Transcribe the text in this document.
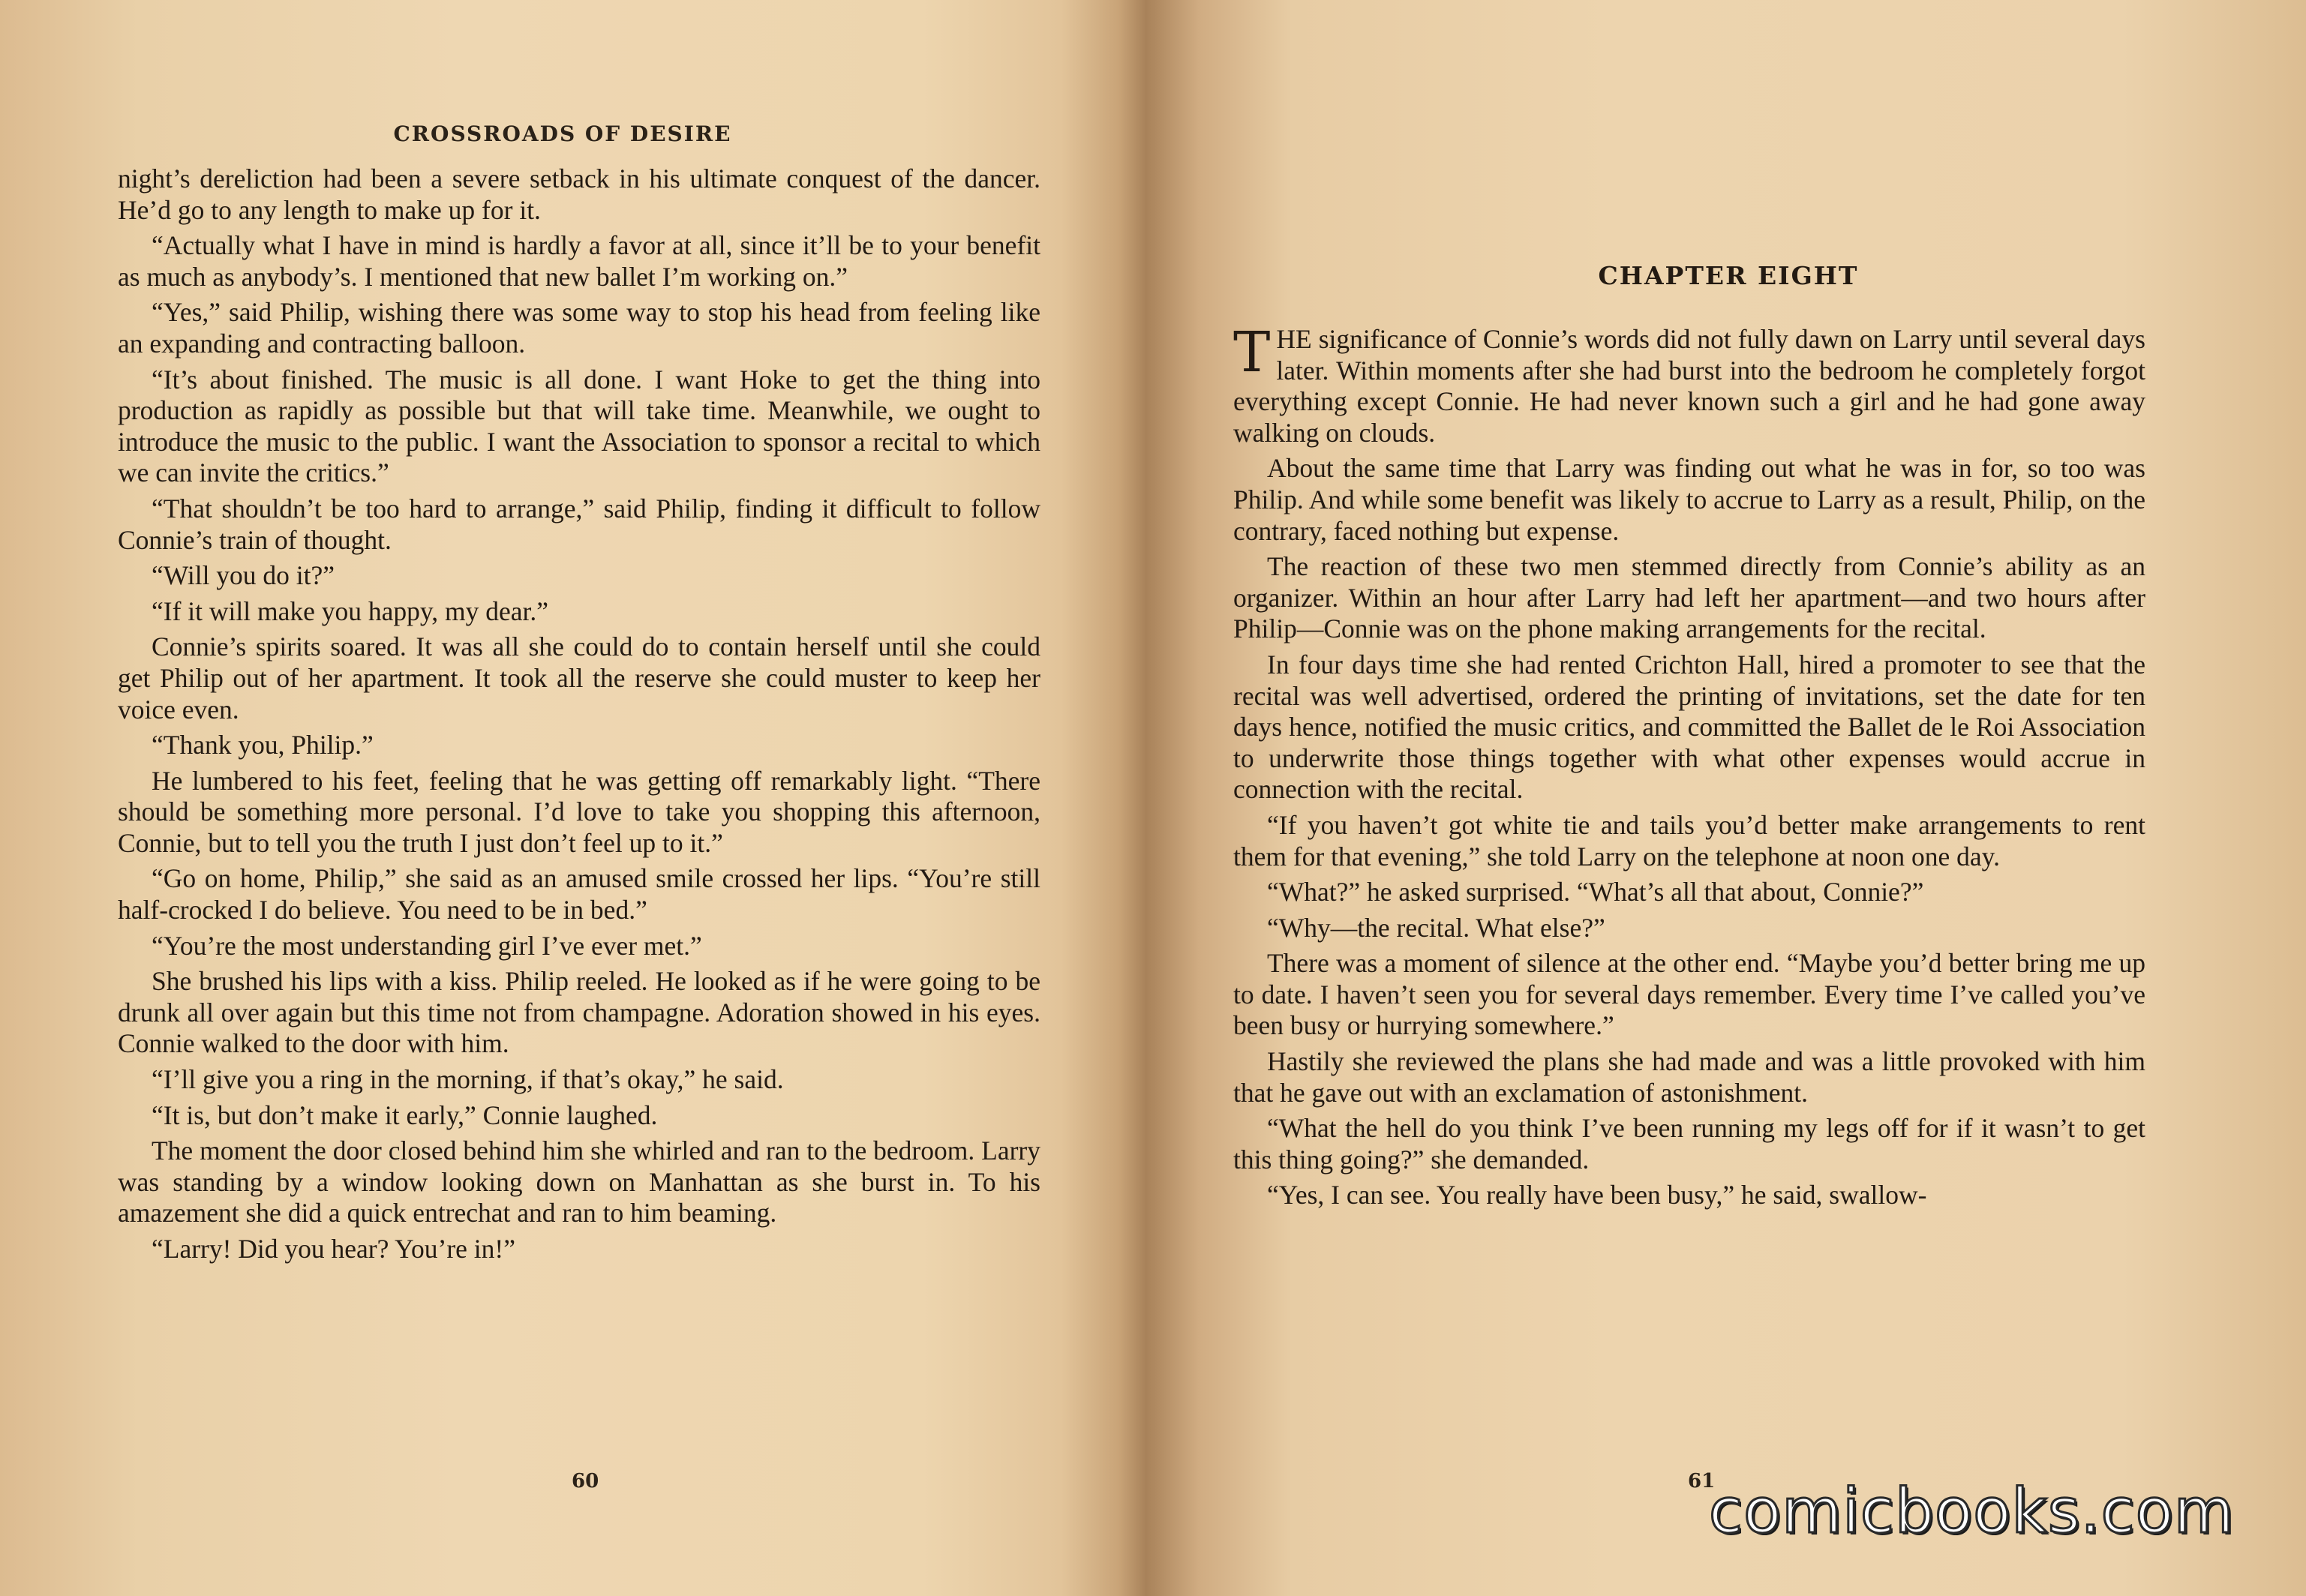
CROSSROADS OF DESIRE

night’s dereliction had been a severe setback in his ultimate conquest of the dancer. He’d go to any length to make up for it.

“Actually what I have in mind is hardly a favor at all, since it’ll be to your benefit as much as anybody’s. I mentioned that new ballet I’m working on.”

“Yes,” said Philip, wishing there was some way to stop his head from feeling like an expanding and contracting balloon.

“It’s about finished. The music is all done. I want Hoke to get the thing into production as rapidly as possible but that will take time. Meanwhile, we ought to introduce the music to the public. I want the Association to sponsor a recital to which we can invite the critics.”

“That shouldn’t be too hard to arrange,” said Philip, finding it difficult to follow Connie’s train of thought.

“Will you do it?”

“If it will make you happy, my dear.”

Connie’s spirits soared. It was all she could do to contain herself until she could get Philip out of her apartment. It took all the reserve she could muster to keep her voice even.

“Thank you, Philip.”

He lumbered to his feet, feeling that he was getting off remarkably light. “There should be something more personal. I’d love to take you shopping this afternoon, Connie, but to tell you the truth I just don’t feel up to it.”

“Go on home, Philip,” she said as an amused smile crossed her lips. “You’re still half-crocked I do believe. You need to be in bed.”

“You’re the most understanding girl I’ve ever met.”

She brushed his lips with a kiss. Philip reeled. He looked as if he were going to be drunk all over again but this time not from champagne. Adoration showed in his eyes. Connie walked to the door with him.

“I’ll give you a ring in the morning, if that’s okay,” he said.

“It is, but don’t make it early,” Connie laughed.

The moment the door closed behind him she whirled and ran to the bedroom. Larry was standing by a window looking down on Manhattan as she burst in. To his amazement she did a quick entrechat and ran to him beaming.

“Larry! Did you hear? You’re in!”

60
CHAPTER EIGHT

THE significance of Connie’s words did not fully dawn on Larry until several days later. Within moments after she had burst into the bedroom he completely forgot everything except Connie. He had never known such a girl and he had gone away walking on clouds.

About the same time that Larry was finding out what he was in for, so too was Philip. And while some benefit was likely to accrue to Larry as a result, Philip, on the contrary, faced nothing but expense.

The reaction of these two men stemmed directly from Connie’s ability as an organizer. Within an hour after Larry had left her apartment—and two hours after Philip—Connie was on the phone making arrangements for the recital.

In four days time she had rented Crichton Hall, hired a promoter to see that the recital was well advertised, ordered the printing of invitations, set the date for ten days hence, notified the music critics, and committed the Ballet de le Roi Association to underwrite those things together with what other expenses would accrue in connection with the recital.

“If you haven’t got white tie and tails you’d better make arrangements to rent them for that evening,” she told Larry on the telephone at noon one day.

“What?” he asked surprised. “What’s all that about, Connie?”

“Why—the recital. What else?”

There was a moment of silence at the other end. “Maybe you’d better bring me up to date. I haven’t seen you for several days remember. Every time I’ve called you’ve been busy or hurrying somewhere.”

Hastily she reviewed the plans she had made and was a little provoked with him that he gave out with an exclamation of astonishment.

“What the hell do you think I’ve been running my legs off for if it wasn’t to get this thing going?” she demanded.

“Yes, I can see. You really have been busy,” he said, swallow-

61
comicbooks.com
